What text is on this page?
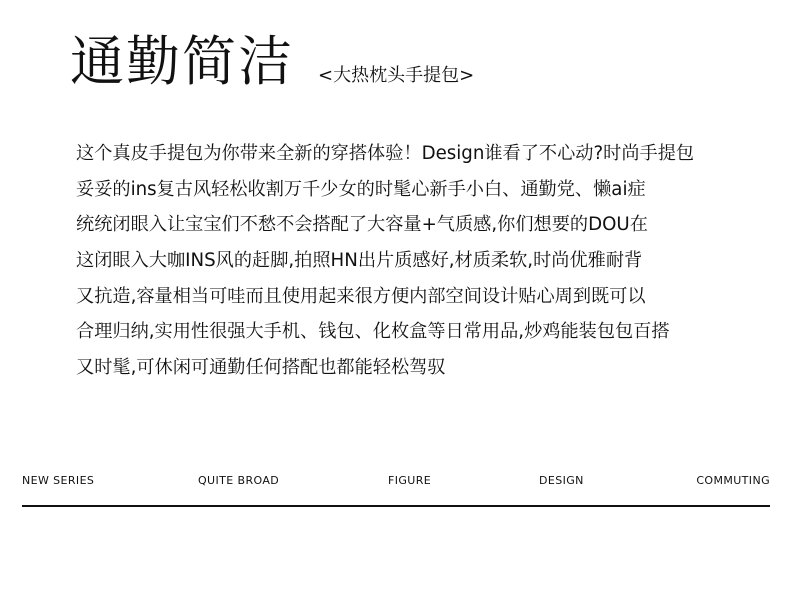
通勤简洁 <大热枕头手提包>
这个真皮手提包为你带来全新的穿搭体验！Design谁看了不心动?时尚手提包
妥妥的ins复古风轻松收割万千少女的时髦心新手小白、通勤党、懒ai症
统统闭眼入让宝宝们不愁不会搭配了大容量+气质感,你们想要的DOU在
这闭眼入大咖INS风的赶脚,拍照HN出片质感好,材质柔软,时尚优雅耐背
又抗造,容量相当可哇而且使用起来很方便内部空间设计贴心周到既可以
合理归纳,实用性很强大手机、钱包、化枚盒等日常用品,炒鸡能装包包百搭
又时髦,可休闲可通勤任何搭配也都能轻松驾驭
NEW SERIES	QUITE BROAD	FIGURE	DESIGN	COMMUTING
